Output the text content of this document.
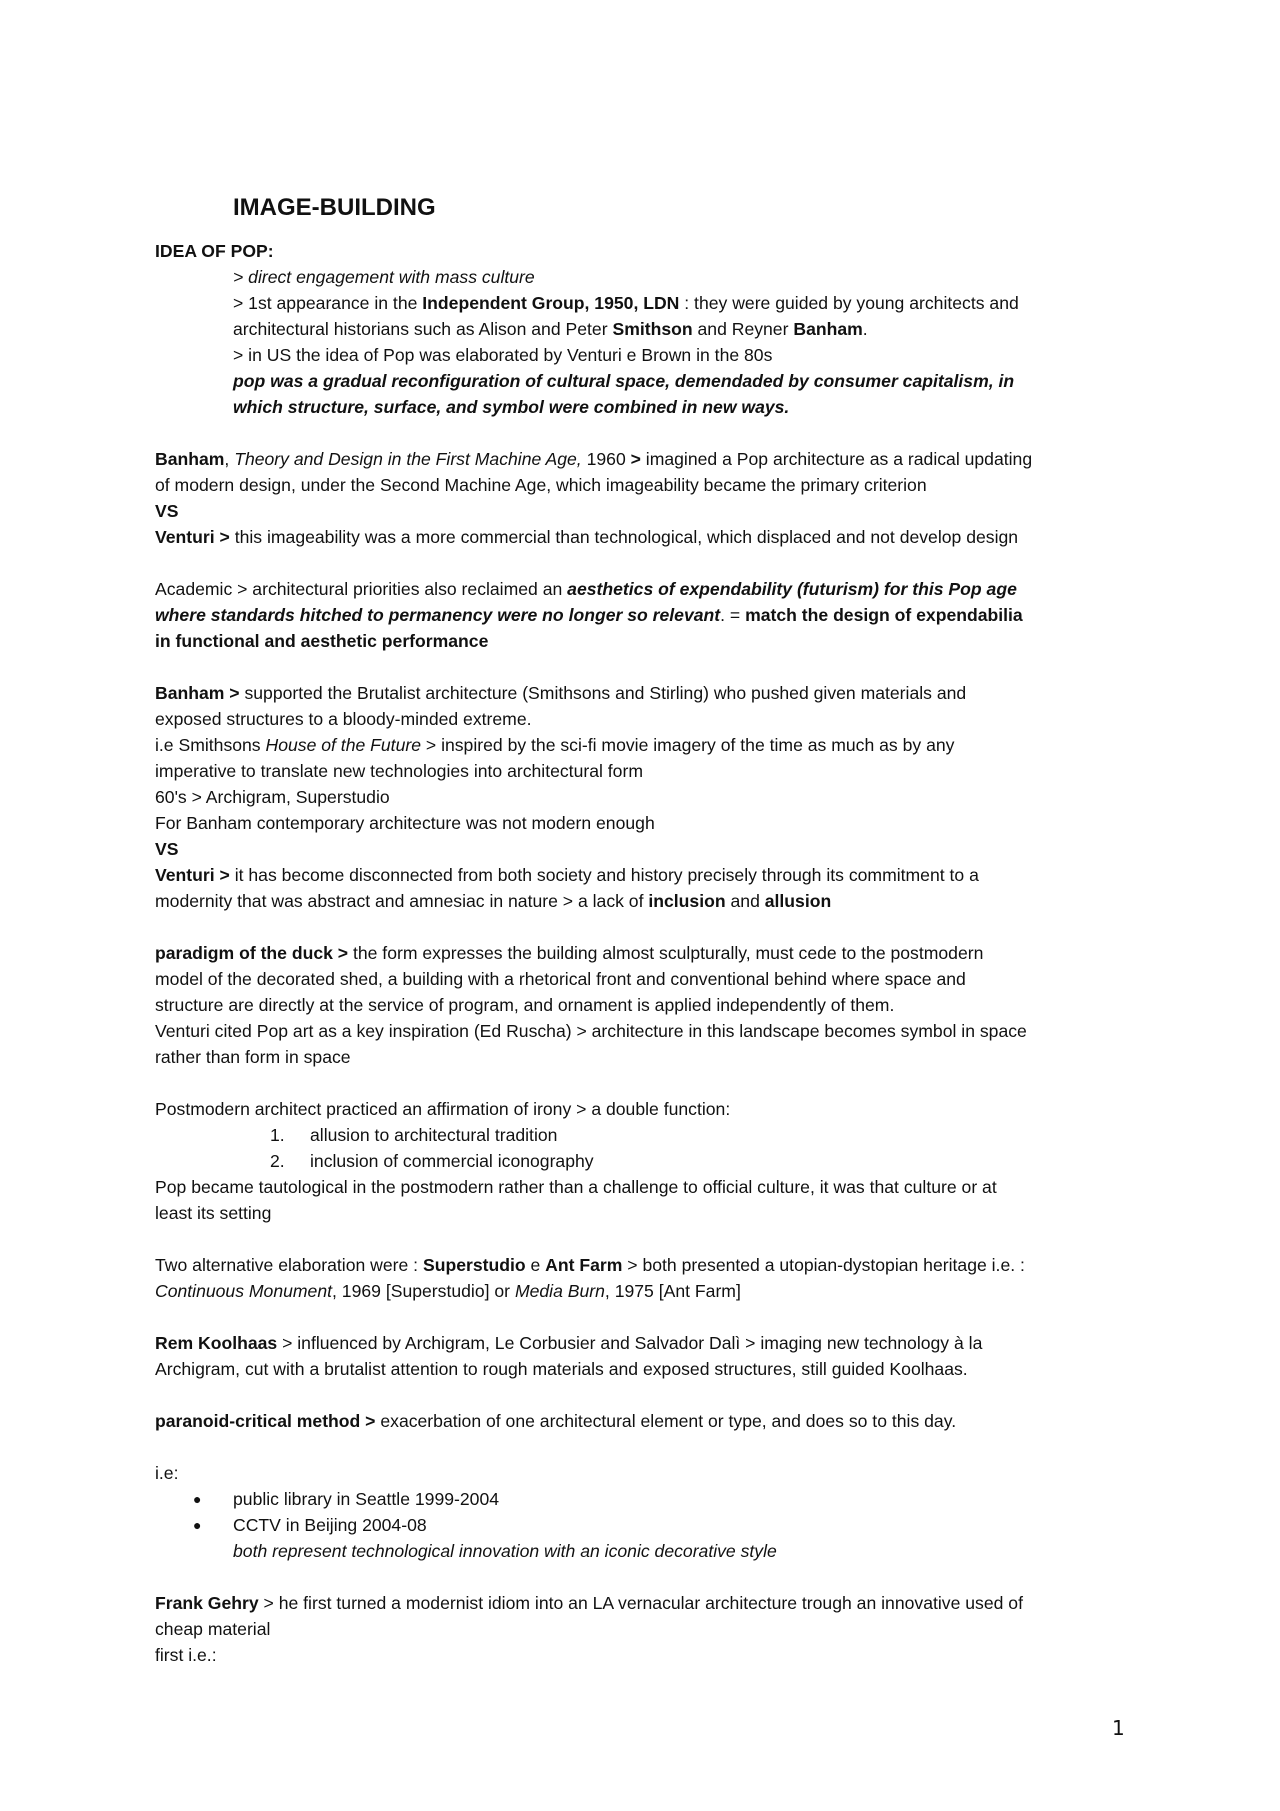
IMAGE-BUILDING
IDEA OF POP:
> direct engagement with mass culture
> 1st appearance in the Independent Group, 1950, LDN : they were guided by young architects and
architectural historians such as Alison and Peter Smithson and Reyner Banham.
> in US the idea of Pop was elaborated by Venturi e Brown in the 80s
pop was a gradual reconfiguration of cultural space, demendaded by consumer capitalism, in
which structure, surface, and symbol were combined in new ways.
Banham, Theory and Design in the First Machine Age, 1960 > imagined a Pop architecture as a radical updating
of modern design, under the Second Machine Age, which imageability became the primary criterion
VS
Venturi > this imageability was a more commercial than technological, which displaced and not develop design
Academic > architectural priorities also reclaimed an aesthetics of expendability (futurism) for this Pop age
where standards hitched to permanency were no longer so relevant. = match the design of expendabilia
in functional and aesthetic performance
Banham > supported the Brutalist architecture (Smithsons and Stirling) who pushed given materials and
exposed structures to a bloody-minded extreme.
i.e Smithsons House of the Future > inspired by the sci-fi movie imagery of the time as much as by any
imperative to translate new technologies into architectural form
60's > Archigram, Superstudio
For Banham contemporary architecture was not modern enough
VS
Venturi > it has become disconnected from both society and history precisely through its commitment to a
modernity that was abstract and amnesiac in nature > a lack of inclusion and allusion
paradigm of the duck > the form expresses the building almost sculpturally, must cede to the postmodern
model of the decorated shed, a building with a rhetorical front and conventional behind where space and
structure are directly at the service of program, and ornament is applied independently of them.
Venturi cited Pop art as a key inspiration (Ed Ruscha) > architecture in this landscape becomes symbol in space
rather than form in space
Postmodern architect practiced an affirmation of irony > a double function:
1. allusion to architectural tradition
2. inclusion of commercial iconography
Pop became tautological in the postmodern rather than a challenge to official culture, it was that culture or at
least its setting
Two alternative elaboration were : Superstudio e Ant Farm > both presented a utopian-dystopian heritage i.e. :
Continuous Monument, 1969 [Superstudio] or Media Burn, 1975 [Ant Farm]
Rem Koolhaas > influenced by Archigram, Le Corbusier and Salvador Dalì > imaging new technology à la
Archigram, cut with a brutalist attention to rough materials and exposed structures, still guided Koolhaas.
paranoid-critical method > exacerbation of one architectural element or type, and does so to this day.
i.e:
● public library in Seattle 1999-2004
● CCTV in Beijing 2004-08
both represent technological innovation with an iconic decorative style
Frank Gehry > he first turned a modernist idiom into an LA vernacular architecture trough an innovative used of
cheap material
first i.e.:
1
